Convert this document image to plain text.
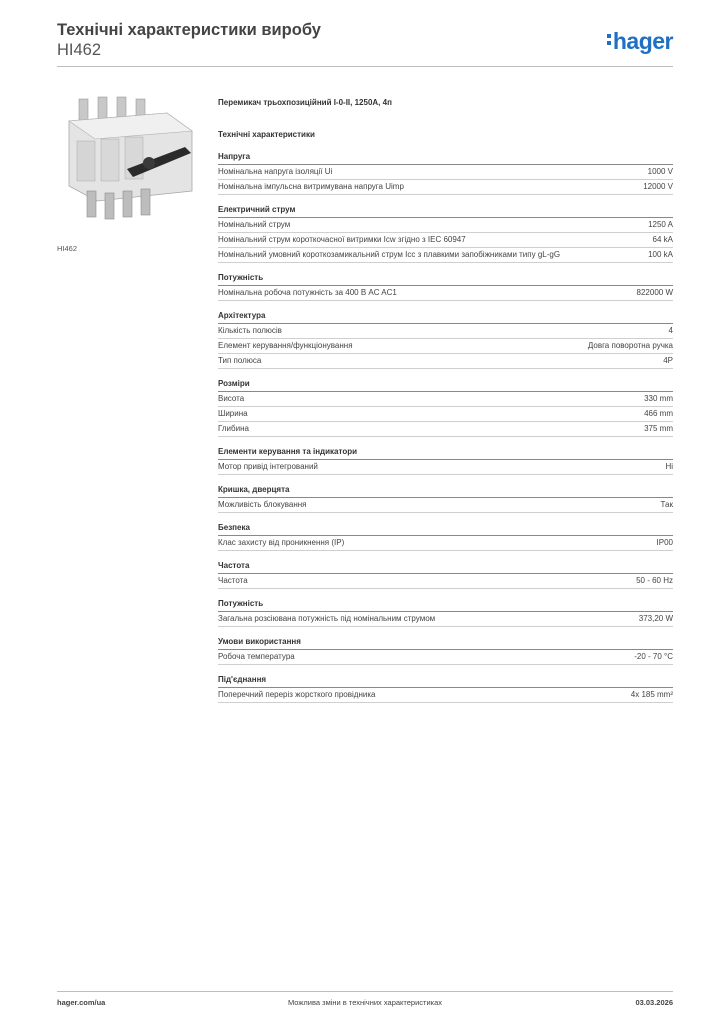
Технічні характеристики виробу
HI462	hager
HI462
Перемикач трьохпозиційний I-0-II, 1250A, 4п
Технічні характеристики
Напруга
Номінальна напруга ізоляції Ui	1000 V
Номінальна імпульсна витримувана напруга Uimp	12000 V
Електричний струм
Номінальний струм	1250 A
Номінальний струм короткочасної витримки Icw згідно з IEC 60947	64 kA
Номінальний умовний короткозамикальний струм Icc з плавкими запобіжниками типу gL-gG	100 kA
Потужність
Номінальна робоча потужність за 400 В AC AC1	822000 W
Архітектура
Кількість полюсів	4
Елемент керування/функціонування	Довга поворотна ручка
Тип полюса	4P
Розміри
Висота	330 mm
Ширина	466 mm
Глибина	375 mm
Елементи керування та індикатори
Мотор привід інтегрований	Hi
Кришка, дверцята
Можливість блокування	Так
Безпека
Клас захисту від проникнення (IP)	IP00
Частота
Частота	50 - 60 Hz
Потужність
Загальна розсіювана потужність під номінальним струмом	373,20 W
Умови використання
Робоча температура	-20 - 70 °C
Під'єднання
Поперечний переріз жорсткого провідника	4x 185 mm²
hager.com/ua	Можлива зміни в технічних характеристиках	03.03.2026
